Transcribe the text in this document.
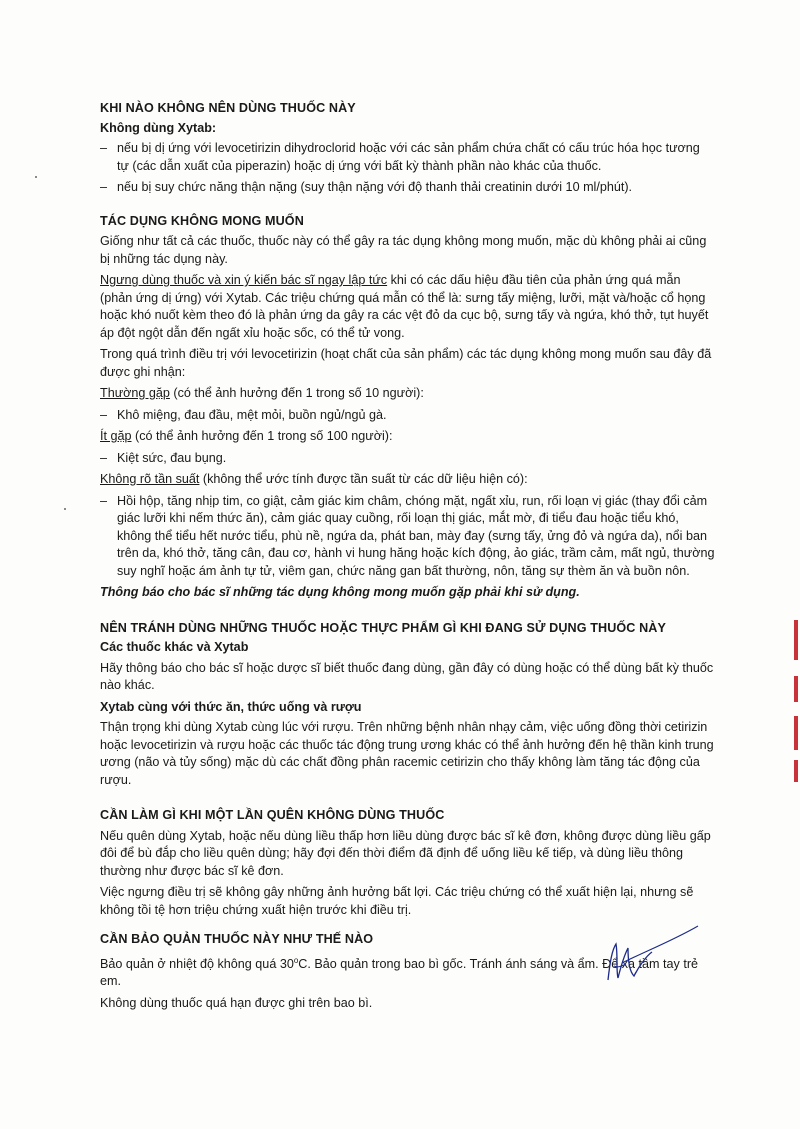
KHI NÀO KHÔNG NÊN DÙNG THUỐC NÀY
Không dùng Xytab:
– nếu bị dị ứng với levocetirizin dihydroclorid hoặc với các sản phẩm chứa chất có cấu trúc hóa học tương tự (các dẫn xuất của piperazin) hoặc dị ứng với bất kỳ thành phần nào khác của thuốc.
– nếu bị suy chức năng thận nặng (suy thận nặng với độ thanh thải creatinin dưới 10 ml/phút).
TÁC DỤNG KHÔNG MONG MUỐN

Giống như tất cả các thuốc, thuốc này có thể gây ra tác dụng không mong muốn, mặc dù không phải ai cũng bị những tác dụng này.

Ngưng dùng thuốc và xin ý kiến bác sĩ ngay lập tức khi có các dấu hiệu đầu tiên của phản ứng quá mẫn (phản ứng dị ứng) với Xytab. Các triệu chứng quá mẫn có thể là: sưng tấy miệng, lưỡi, mặt và/hoặc cổ họng hoặc khó nuốt kèm theo đó là phản ứng da gây ra các vệt đỏ da cục bộ, sưng tấy và ngứa, khó thở, tụt huyết áp đột ngột dẫn đến ngất xỉu hoặc sốc, có thể tử vong.

Trong quá trình điều trị với levocetirizin (hoạt chất của sản phẩm) các tác dụng không mong muốn sau đây đã được ghi nhận:

Thường gặp (có thể ảnh hưởng đến 1 trong số 10 người):

– Khô miệng, đau đầu, mệt mỏi, buồn ngủ/ngủ gà.

Ít gặp (có thể ảnh hưởng đến 1 trong số 100 người):

– Kiệt sức, đau bụng.

Không rõ tần suất (không thể ước tính được tần suất từ các dữ liệu hiện có):

– Hồi hộp, tăng nhịp tim, co giật, cảm giác kim châm, chóng mặt, ngất xỉu, run, rối loạn vị giác (thay đổi cảm giác lưỡi khi nếm thức ăn), cảm giác quay cuồng, rối loạn thị giác, mắt mờ, đi tiểu đau hoặc tiểu khó, không thể tiểu hết nước tiểu, phù nề, ngứa da, phát ban, mày đay (sưng tấy, ửng đỏ và ngứa da), nổi ban trên da, khó thở, tăng cân, đau cơ, hành vi hung hăng hoặc kích động, ảo giác, trầm cảm, mất ngủ, thường suy nghĩ hoặc ám ảnh tự tử, viêm gan, chức năng gan bất thường, nôn, tăng sự thèm ăn và buồn nôn.

Thông báo cho bác sĩ những tác dụng không mong muốn gặp phải khi sử dụng.

NÊN TRÁNH DÙNG NHỮNG THUỐC HOẶC THỰC PHẨM GÌ KHI ĐANG SỬ DỤNG THUỐC NÀY
Các thuốc khác và Xytab

Hãy thông báo cho bác sĩ hoặc dược sĩ biết thuốc đang dùng, gần đây có dùng hoặc có thể dùng bất kỳ thuốc nào khác.

Xytab cùng với thức ăn, thức uống và rượu

Thận trọng khi dùng Xytab cùng lúc với rượu. Trên những bệnh nhân nhạy cảm, việc uống đồng thời cetirizin hoặc levocetirizin và rượu hoặc các thuốc tác động trung ương khác có thể ảnh hưởng đến hệ thần kinh trung ương (não và tủy sống) mặc dù các chất đồng phân racemic cetirizin cho thấy không làm tăng tác động của rượu.

CẦN LÀM GÌ KHI MỘT LẦN QUÊN KHÔNG DÙNG THUỐC

Nếu quên dùng Xytab, hoặc nếu dùng liều thấp hơn liều dùng được bác sĩ kê đơn, không được dùng liều gấp đôi để bù đắp cho liều quên dùng; hãy đợi đến thời điểm đã định để uống liều kế tiếp, và dùng liều thông thường như được bác sĩ kê đơn.

Việc ngưng điều trị sẽ không gây những ảnh hưởng bất lợi. Các triệu chứng có thể xuất hiện lại, nhưng sẽ không tồi tệ hơn triệu chứng xuất hiện trước khi điều trị.

CẦN BẢO QUẢN THUỐC NÀY NHƯ THẾ NÀO

Bảo quản ở nhiệt độ không quá 30$^o$C. Bảo quản trong bao bì gốc. Tránh ánh sáng và ẩm. Để xa tầm tay trẻ em.

Không dùng thuốc quá hạn được ghi trên bao bì.
